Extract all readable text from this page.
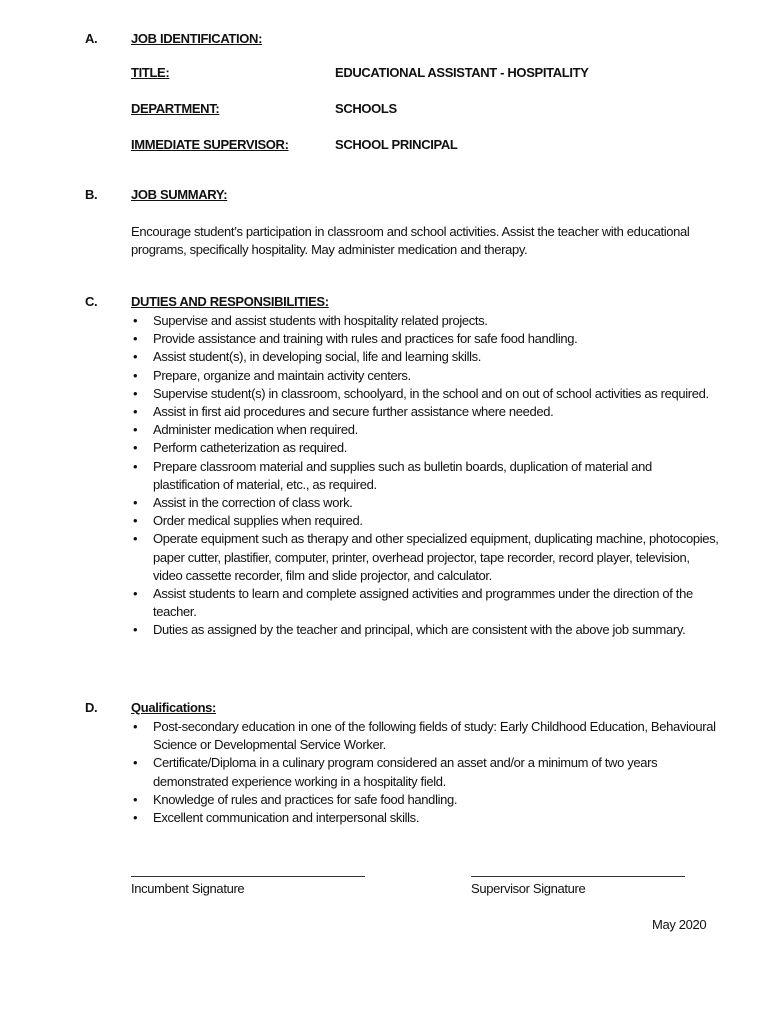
A.	JOB IDENTIFICATION:
TITLE:	EDUCATIONAL ASSISTANT - HOSPITALITY
DEPARTMENT:	SCHOOLS
IMMEDIATE SUPERVISOR:	SCHOOL PRINCIPAL
B.	JOB SUMMARY:

Encourage student’s participation in classroom and school activities. Assist the teacher with educational programs, specifically hospitality. May administer medication and therapy.

C.	DUTIES AND RESPONSIBILITIES:
• Supervise and assist students with hospitality related projects.
• Provide assistance and training with rules and practices for safe food handling.
• Assist student(s), in developing social, life and learning skills.
• Prepare, organize and maintain activity centers.
• Supervise student(s) in classroom, schoolyard, in the school and on out of school activities as required.
• Assist in first aid procedures and secure further assistance where needed.
• Administer medication when required.
• Perform catheterization as required.
• Prepare classroom material and supplies such as bulletin boards, duplication of material and plastification of material, etc., as required.
• Assist in the correction of class work.
• Order medical supplies when required.
• Operate equipment such as therapy and other specialized equipment, duplicating machine, photocopies, paper cutter, plastifier, computer, printer, overhead projector, tape recorder, record player, television, video cassette recorder, film and slide projector, and calculator.
• Assist students to learn and complete assigned activities and programmes under the direction of the teacher.
• Duties as assigned by the teacher and principal, which are consistent with the above job summary.
D.	Qualifications:
• Post-secondary education in one of the following fields of study: Early Childhood Education, Behavioural Science or Developmental Service Worker.
• Certificate/Diploma in a culinary program considered an asset and/or a minimum of two years demonstrated experience working in a hospitality field.
• Knowledge of rules and practices for safe food handling.
• Excellent communication and interpersonal skills.
Incumbent Signature	Supervisor Signature
May 2020
